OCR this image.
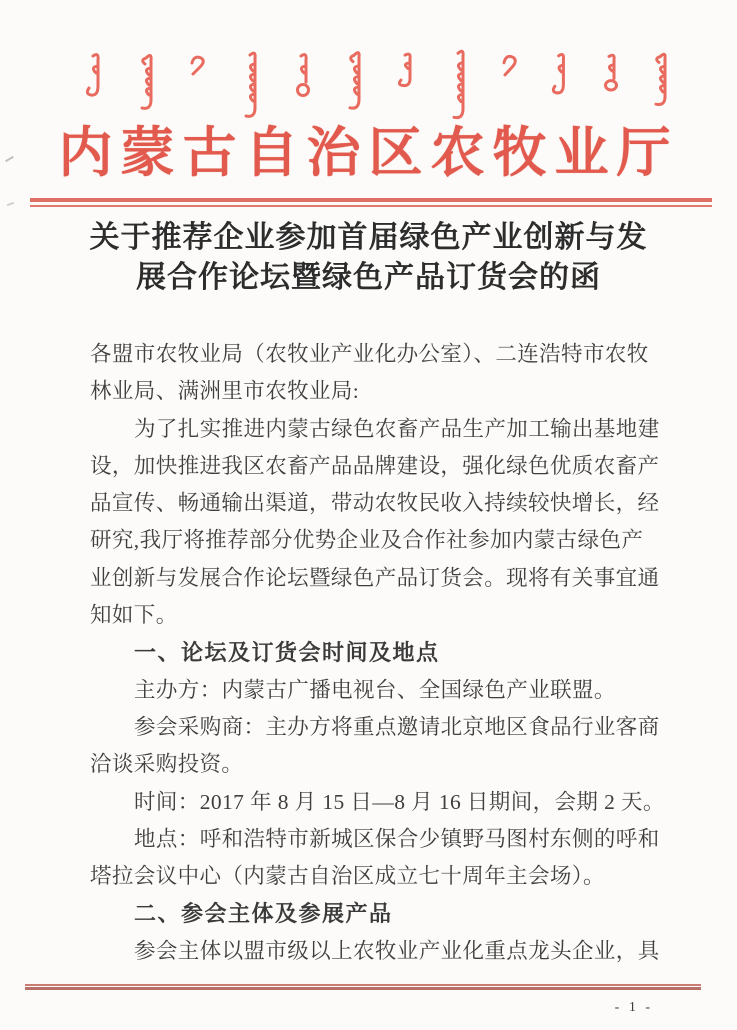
内蒙古自治区农牧业厅
关于推荐企业参加首届绿色产业创新与发
展合作论坛暨绿色产品订货会的函
各盟市农牧业局（农牧业产业化办公室）、二连浩特市农牧
林业局、满洲里市农牧业局:
为了扎实推进内蒙古绿色农畜产品生产加工输出基地建
设，加快推进我区农畜产品品牌建设，强化绿色优质农畜产
品宣传、畅通输出渠道，带动农牧民收入持续较快增长，经
研究,我厅将推荐部分优势企业及合作社参加内蒙古绿色产
业创新与发展合作论坛暨绿色产品订货会。现将有关事宜通
知如下。
一、论坛及订货会时间及地点
主办方：内蒙古广播电视台、全国绿色产业联盟。
参会采购商：主办方将重点邀请北京地区食品行业客商
洽谈采购投资。
时间：2017 年 8 月 15 日—8 月 16 日期间，会期 2 天。
地点：呼和浩特市新城区保合少镇野马图村东侧的呼和
塔拉会议中心（内蒙古自治区成立七十周年主会场）。
二、参会主体及参展产品
参会主体以盟市级以上农牧业产业化重点龙头企业，具
- 1 -
